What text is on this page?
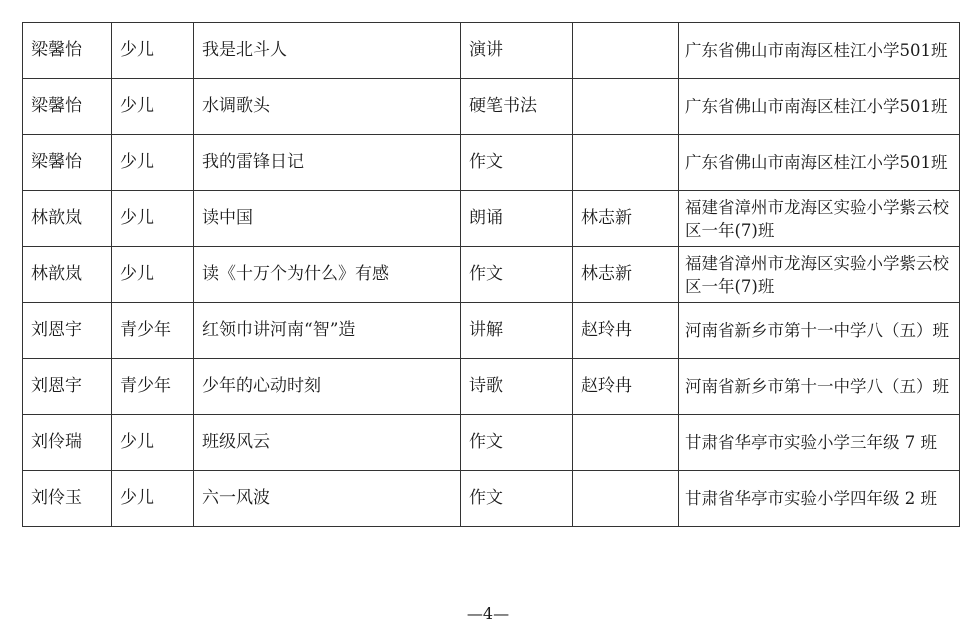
梁馨怡	少儿	我是北斗人	演讲		广东省佛山市南海区桂江小学501班
梁馨怡	少儿	水调歌头	硬笔书法		广东省佛山市南海区桂江小学501班
梁馨怡	少儿	我的雷锋日记	作文		广东省佛山市南海区桂江小学501班
林歆岚	少儿	读中国	朗诵	林志新	福建省漳州市龙海区实验小学紫云校区一年(7)班
林歆岚	少儿	读《十万个为什么》有感	作文	林志新	福建省漳州市龙海区实验小学紫云校区一年(7)班
刘恩宇	青少年	红领巾讲河南“智”造	讲解	赵玲冉	河南省新乡市第十一中学八（五）班
刘恩宇	青少年	少年的心动时刻	诗歌	赵玲冉	河南省新乡市第十一中学八（五）班
刘伶瑞	少儿	班级风云	作文		甘肃省华亭市实验小学三年级 7 班
刘伶玉	少儿	六一风波	作文		甘肃省华亭市实验小学四年级 2 班
—4—
